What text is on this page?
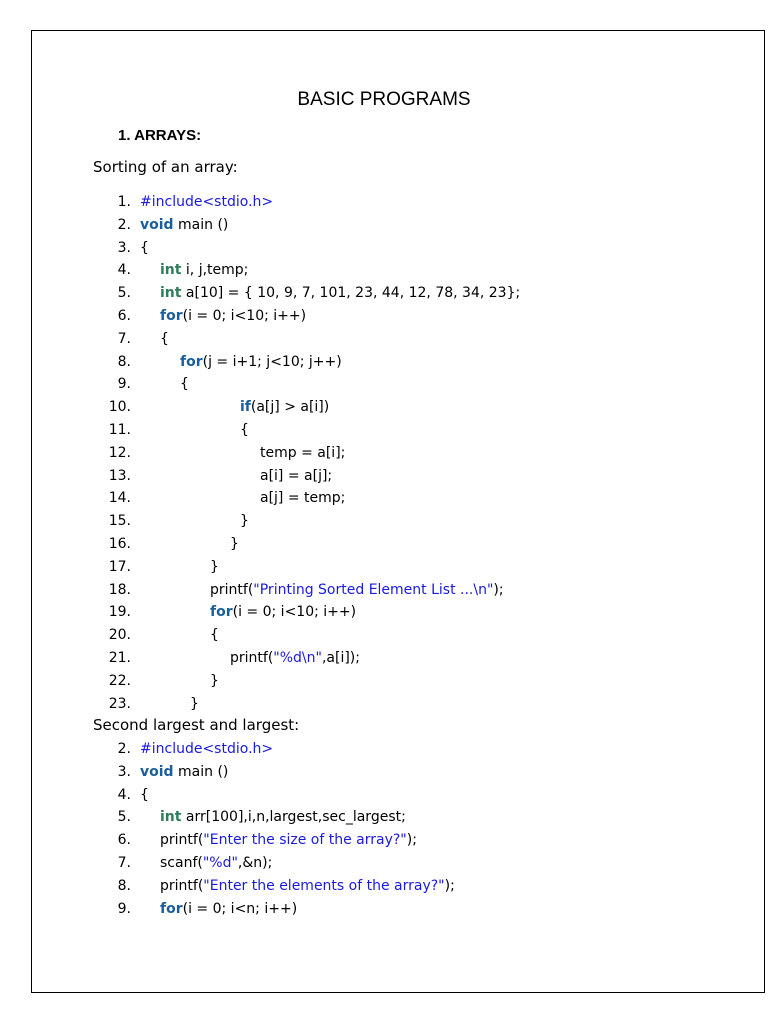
BASIC PROGRAMS
1. ARRAYS:
Sorting of an array:
1. #include<stdio.h>
2. void main ()
3. {
4. int i, j,temp;
5. int a[10] = { 10, 9, 7, 101, 23, 44, 12, 78, 34, 23};
6. for(i = 0; i<10; i++)
7. {
8.	for(j = i+1; j<10; j++)
9.	{
10.	if(a[j] > a[i])
11.	{
12.	temp = a[i];
13.	a[i] = a[j];
14.	a[j] = temp;
15.	}
16.	}
17.	}
18.	printf("Printing Sorted Element List ...\n");
19.	for(i = 0; i<10; i++)
20.	{
21.	printf("%d\n",a[i]);
22.	}
23.	}
Second largest and largest:
2. #include<stdio.h>
3. void main ()
4. {
5. int arr[100],i,n,largest,sec_largest;
6. printf("Enter the size of the array?");
7. scanf("%d",&n);
8. printf("Enter the elements of the array?");
9. for(i = 0; i<n; i++)
